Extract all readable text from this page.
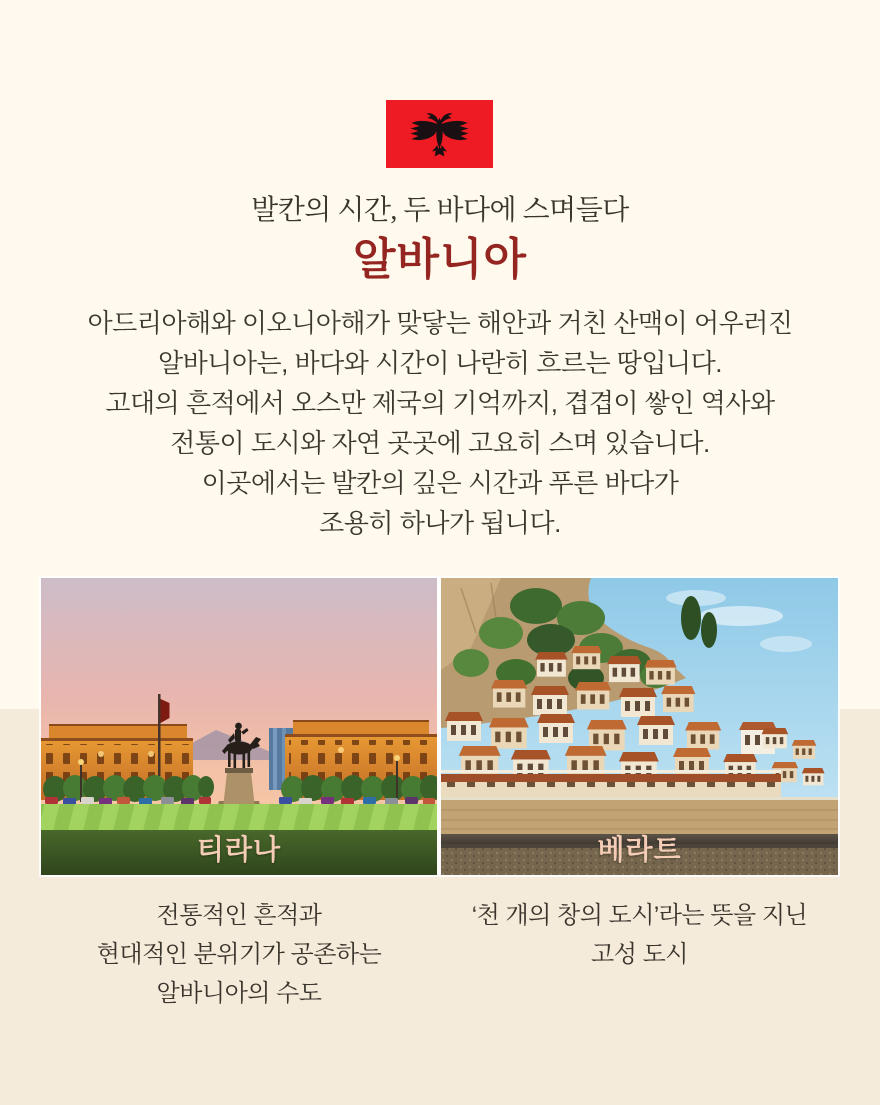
발칸의 시간, 두 바다에 스며들다
알바니아
아드리아해와 이오니아해가 맞닿는 해안과 거친 산맥이 어우러진
알바니아는, 바다와 시간이 나란히 흐르는 땅입니다.
고대의 흔적에서 오스만 제국의 기억까지, 겹겹이 쌓인 역사와
전통이 도시와 자연 곳곳에 고요히 스며 있습니다.
이곳에서는 발칸의 깊은 시간과 푸른 바다가
조용히 하나가 됩니다.
티라나	베라트
전통적인 흔적과
현대적인 분위기가 공존하는
알바니아의 수도
‘천 개의 창의 도시’라는 뜻을 지닌
고성 도시
